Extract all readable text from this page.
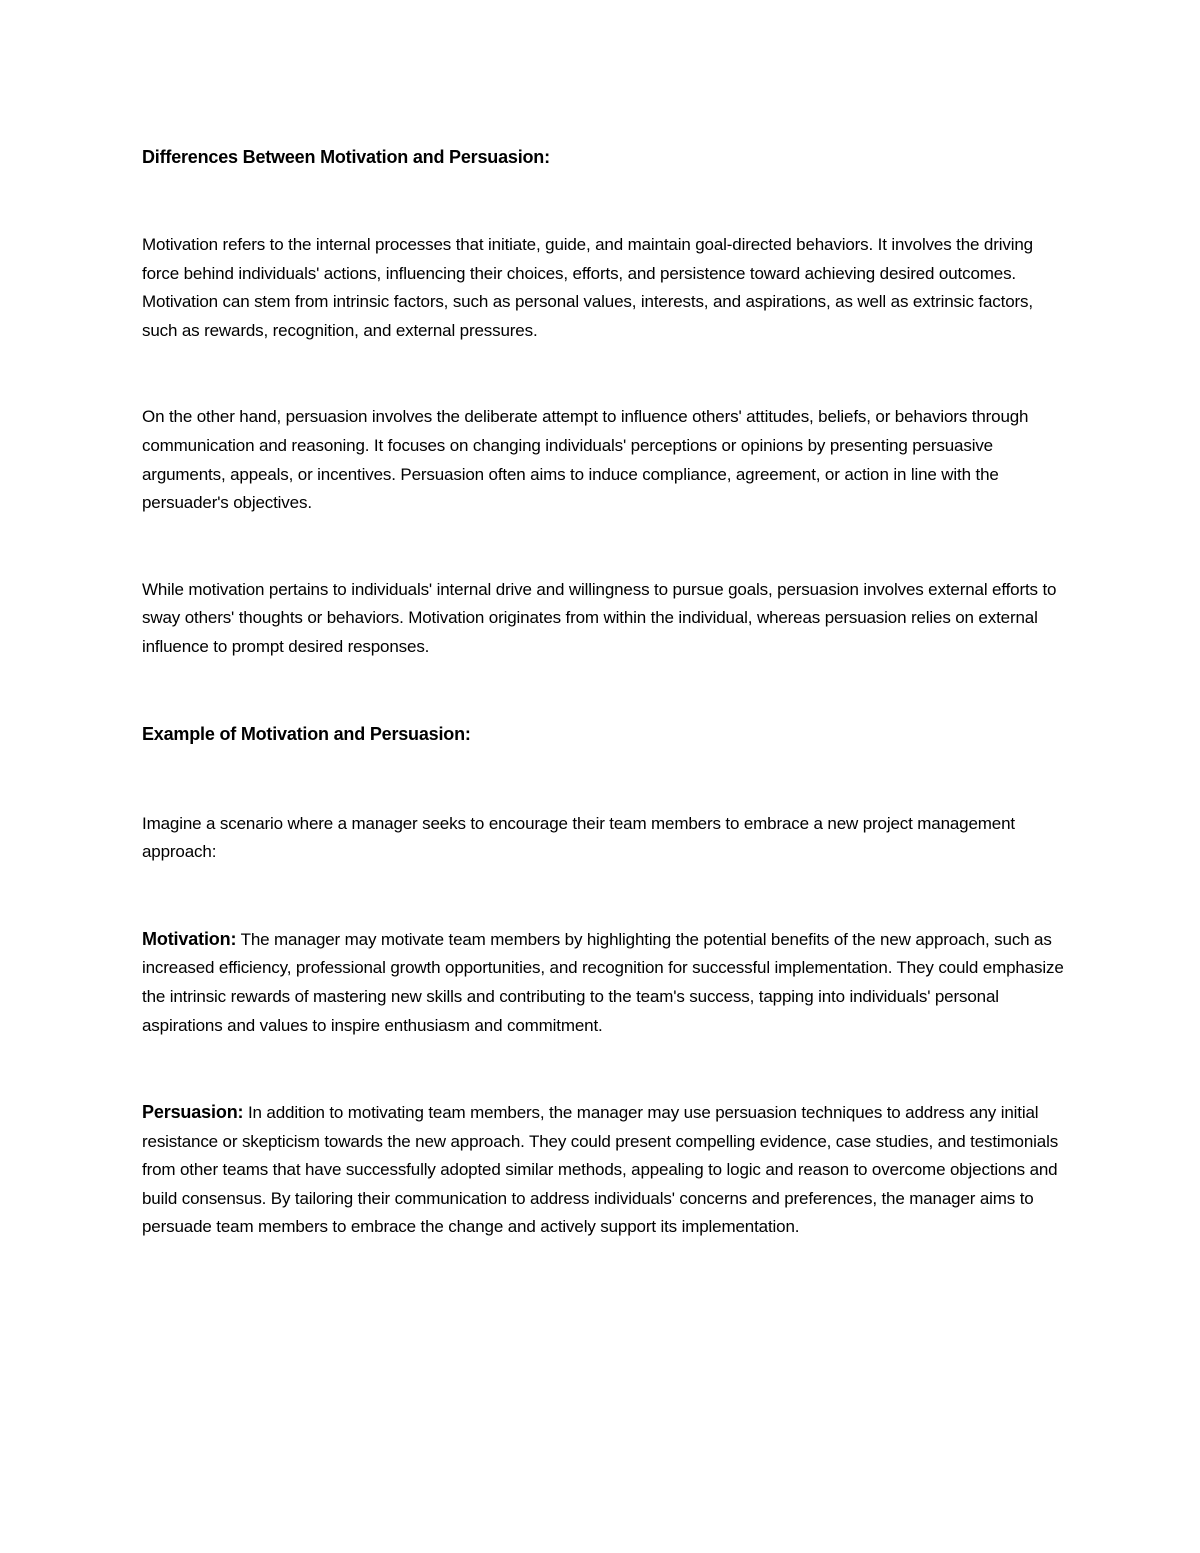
Differences Between Motivation and Persuasion:

Motivation refers to the internal processes that initiate, guide, and maintain goal-directed behaviors. It involves the driving force behind individuals' actions, influencing their choices, efforts, and persistence toward achieving desired outcomes. Motivation can stem from intrinsic factors, such as personal values, interests, and aspirations, as well as extrinsic factors, such as rewards, recognition, and external pressures.

On the other hand, persuasion involves the deliberate attempt to influence others' attitudes, beliefs, or behaviors through communication and reasoning. It focuses on changing individuals' perceptions or opinions by presenting persuasive arguments, appeals, or incentives. Persuasion often aims to induce compliance, agreement, or action in line with the persuader's objectives.

While motivation pertains to individuals' internal drive and willingness to pursue goals, persuasion involves external efforts to sway others' thoughts or behaviors. Motivation originates from within the individual, whereas persuasion relies on external influence to prompt desired responses.

Example of Motivation and Persuasion:

Imagine a scenario where a manager seeks to encourage their team members to embrace a new project management approach:

Motivation: The manager may motivate team members by highlighting the potential benefits of the new approach, such as increased efficiency, professional growth opportunities, and recognition for successful implementation. They could emphasize the intrinsic rewards of mastering new skills and contributing to the team's success, tapping into individuals' personal aspirations and values to inspire enthusiasm and commitment.

Persuasion: In addition to motivating team members, the manager may use persuasion techniques to address any initial resistance or skepticism towards the new approach. They could present compelling evidence, case studies, and testimonials from other teams that have successfully adopted similar methods, appealing to logic and reason to overcome objections and build consensus. By tailoring their communication to address individuals' concerns and preferences, the manager aims to persuade team members to embrace the change and actively support its implementation.
